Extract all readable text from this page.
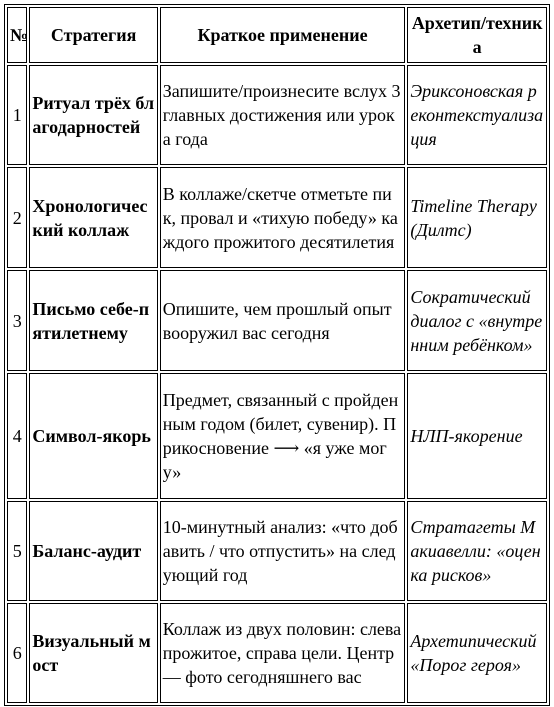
№	Стратегия	Краткое применение	Архетип/техника
1	Ритуал трёх благодарностей	Запишите/произнесите вслух 3 главных достижения или урока года	Эриксоновская реконтекстуализация
2	Хронологический коллаж	В коллаже/скетче отметьте пик, провал и «тихую победу» каждого прожитого десятилетия	Timeline Therapy (Дилтс)
3	Письмо себе-пятилетнему	Опишите, чем прошлый опыт вооружил вас сегодня	Сократический диалог с «внутренним ребёнком»
4	Символ-якорь	Предмет, связанный с пройденным годом (билет, сувенир). Прикосновение ⟶ «я уже могу»	НЛП-якорение
5	Баланс-аудит	10-минутный анализ: «что добавить / что отпустить» на следующий год	Стратагеты Макиавелли: «оценка рисков»
6	Визуальный мост	Коллаж из двух половин: слева прожитое, справа цели. Центр — фото сегодняшнего вас	Архетипический «Порог героя»
